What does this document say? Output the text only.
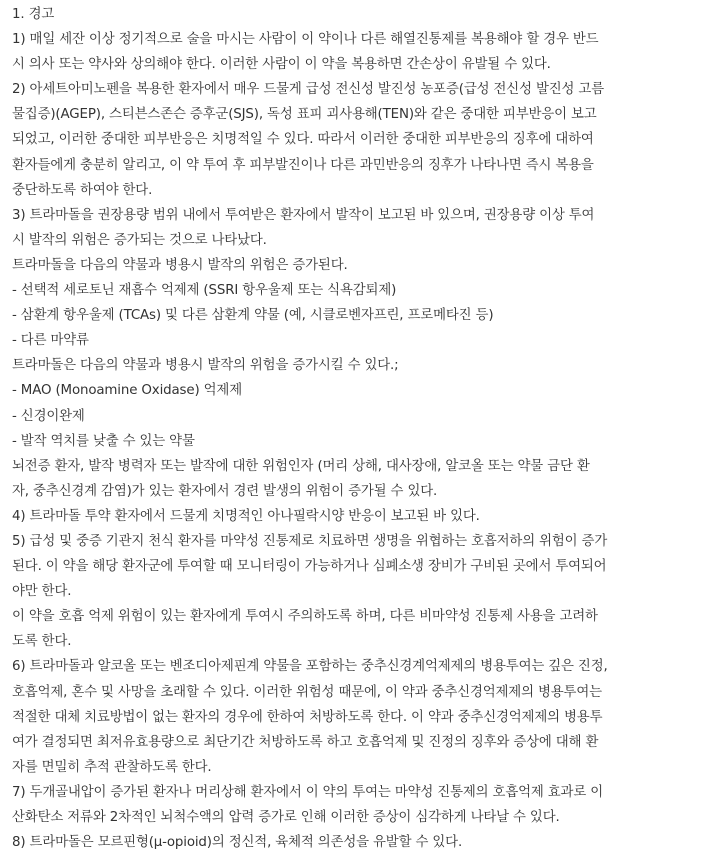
1. 경고
1) 매일 세잔 이상 정기적으로 술을 마시는 사람이 이 약이나 다른 해열진통제를 복용해야 할 경우 반드
시 의사 또는 약사와 상의해야 한다. 이러한 사람이 이 약을 복용하면 간손상이 유발될 수 있다.
2) 아세트아미노펜을 복용한 환자에서 매우 드물게 급성 전신성 발진성 농포증(급성 전신성 발진성 고름
물집증)(AGEP), 스티븐스존슨 증후군(SJS), 독성 표피 괴사용해(TEN)와 같은 중대한 피부반응이 보고
되었고, 이러한 중대한 피부반응은 치명적일 수 있다. 따라서 이러한 중대한 피부반응의 징후에 대하여
환자들에게 충분히 알리고, 이 약 투여 후 피부발진이나 다른 과민반응의 징후가 나타나면 즉시 복용을
중단하도록 하여야 한다.
3) 트라마돌을 권장용량 범위 내에서 투여받은 환자에서 발작이 보고된 바 있으며, 권장용량 이상 투여
시 발작의 위험은 증가되는 것으로 나타났다.
트라마돌을 다음의 약물과 병용시 발작의 위험은 증가된다.
- 선택적 세로토닌 재흡수 억제제 (SSRI 항우울제 또는 식욕감퇴제)
- 삼환계 항우울제 (TCAs) 및 다른 삼환계 약물 (예, 시클로벤자프린, 프로메타진 등)
- 다른 마약류
트라마돌은 다음의 약물과 병용시 발작의 위험을 증가시킬 수 있다.;
- MAO (Monoamine Oxidase) 억제제
- 신경이완제
- 발작 역치를 낮출 수 있는 약물
뇌전증 환자, 발작 병력자 또는 발작에 대한 위험인자 (머리 상해, 대사장애, 알코올 또는 약물 금단 환
자, 중추신경계 감염)가 있는 환자에서 경련 발생의 위험이 증가될 수 있다.
4) 트라마돌 투약 환자에서 드물게 치명적인 아나필락시양 반응이 보고된 바 있다.
5) 급성 및 중증 기관지 천식 환자를 마약성 진통제로 치료하면 생명을 위협하는 호흡저하의 위험이 증가
된다. 이 약을 해당 환자군에 투여할 때 모니터링이 가능하거나 심폐소생 장비가 구비된 곳에서 투여되어
야만 한다.
이 약을 호흡 억제 위험이 있는 환자에게 투여시 주의하도록 하며, 다른 비마약성 진통제 사용을 고려하
도록 한다.
6) 트라마돌과 알코올 또는 벤조디아제핀계 약물을 포함하는 중추신경계억제제의 병용투여는 깊은 진정,
호흡억제, 혼수 및 사망을 초래할 수 있다. 이러한 위험성 때문에, 이 약과 중추신경억제제의 병용투여는
적절한 대체 치료방법이 없는 환자의 경우에 한하여 처방하도록 한다. 이 약과 중추신경억제제의 병용투
여가 결정되면 최저유효용량으로 최단기간 처방하도록 하고 호흡억제 및 진정의 징후와 증상에 대해 환
자를 면밀히 추적 관찰하도록 한다.
7) 두개골내압이 증가된 환자나 머리상해 환자에서 이 약의 투여는 마약성 진통제의 호흡억제 효과로 이
산화탄소 저류와 2차적인 뇌척수액의 압력 증가로 인해 이러한 증상이 심각하게 나타날 수 있다.
8) 트라마돌은 모르핀형(μ-opioid)의 정신적, 육체적 의존성을 유발할 수 있다.
